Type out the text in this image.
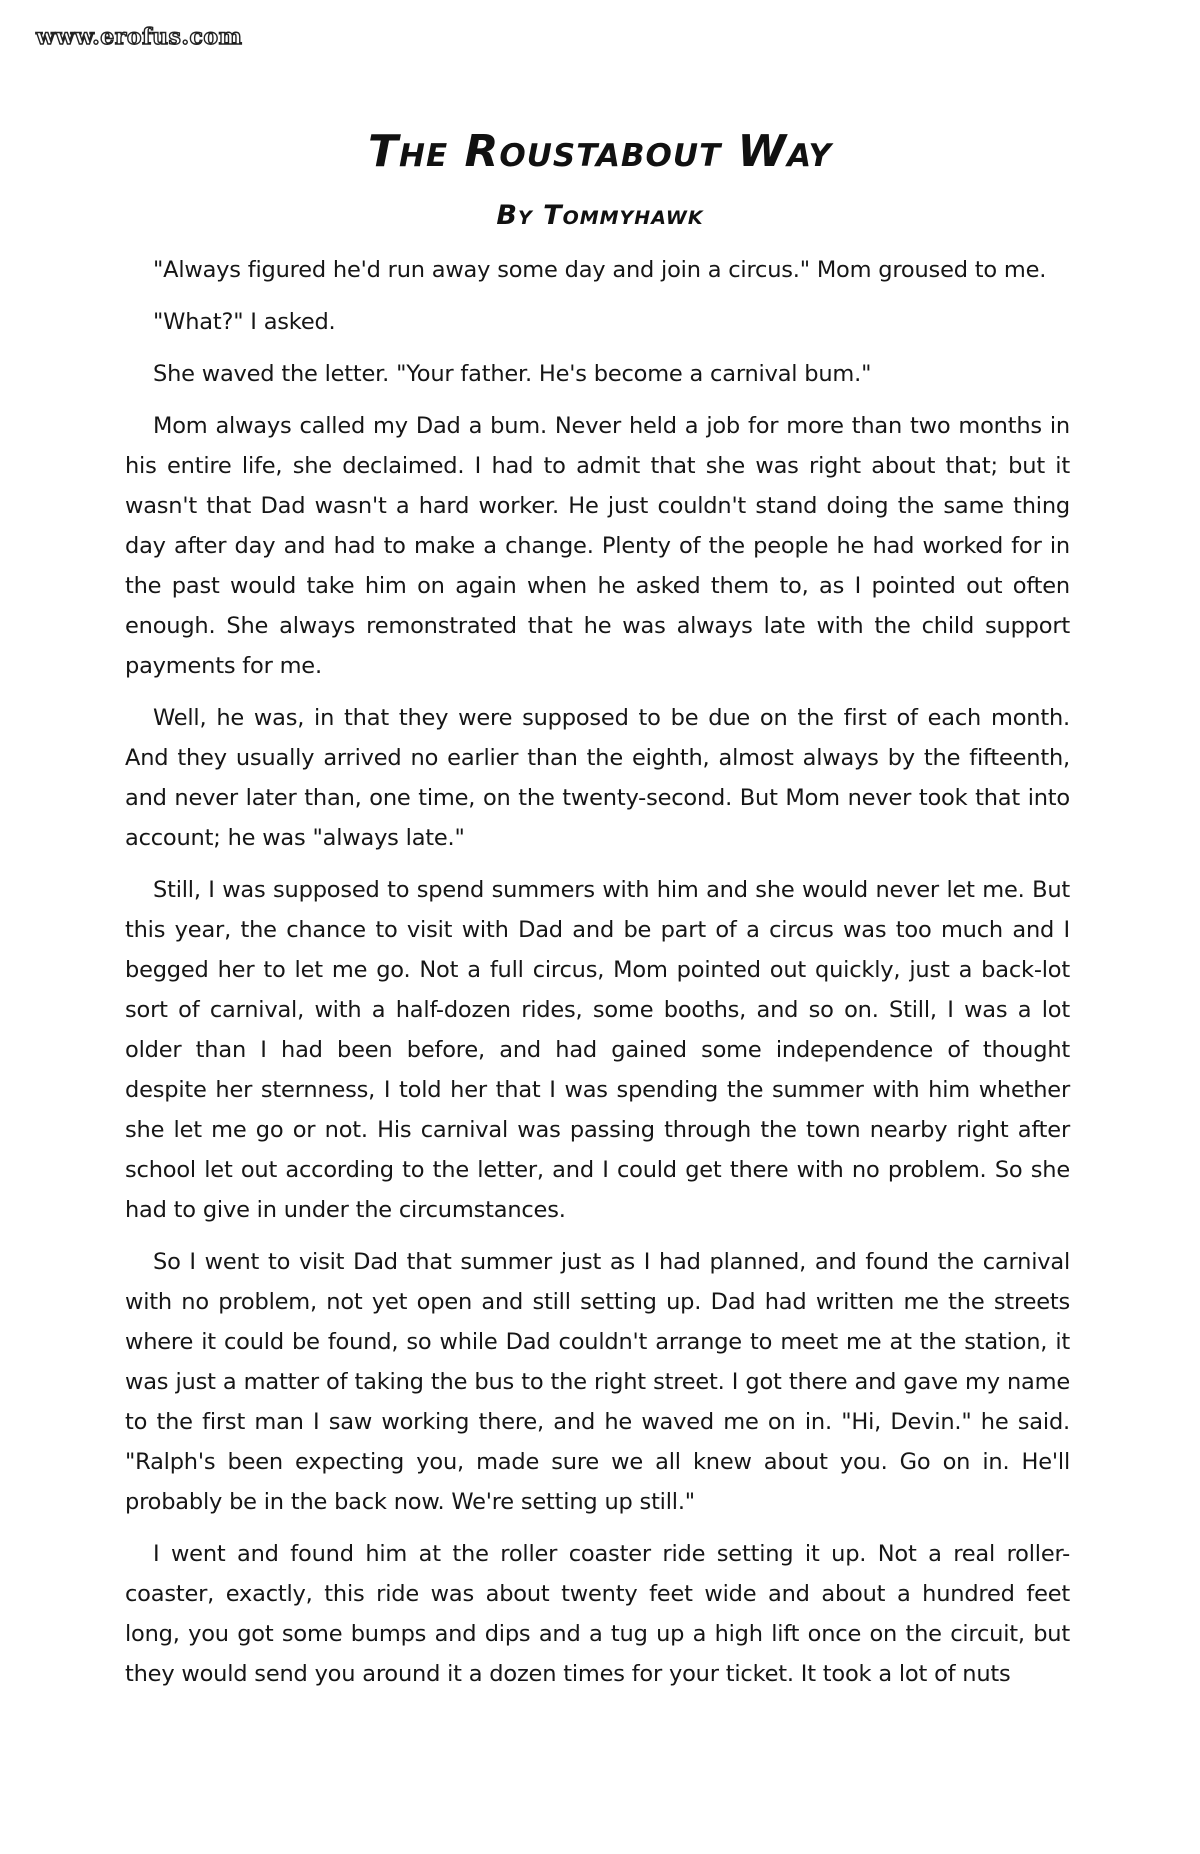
www.erofus.com
The Roustabout Way
By Tommyhawk

"Always figured he'd run away some day and join a circus." Mom groused to me.

"What?" I asked.

She waved the letter. "Your father. He's become a carnival bum."

Mom always called my Dad a bum. Never held a job for more than two months in his entire life, she declaimed. I had to admit that she was right about that; but it wasn't that Dad wasn't a hard worker. He just couldn't stand doing the same thing day after day and had to make a change. Plenty of the people he had worked for in the past would take him on again when he asked them to, as I pointed out often enough. She always remonstrated that he was always late with the child support payments for me.

Well, he was, in that they were supposed to be due on the first of each month. And they usually arrived no earlier than the eighth, almost always by the fifteenth, and never later than, one time, on the twenty-second. But Mom never took that into account; he was "always late."

Still, I was supposed to spend summers with him and she would never let me. But this year, the chance to visit with Dad and be part of a circus was too much and I begged her to let me go. Not a full circus, Mom pointed out quickly, just a back-lot sort of carnival, with a half-dozen rides, some booths, and so on. Still, I was a lot older than I had been before, and had gained some independence of thought despite her sternness, I told her that I was spending the summer with him whether she let me go or not. His carnival was passing through the town nearby right after school let out according to the letter, and I could get there with no problem. So she had to give in under the circumstances.

So I went to visit Dad that summer just as I had planned, and found the carnival with no problem, not yet open and still setting up. Dad had written me the streets where it could be found, so while Dad couldn't arrange to meet me at the station, it was just a matter of taking the bus to the right street. I got there and gave my name to the first man I saw working there, and he waved me on in. "Hi, Devin." he said. "Ralph's been expecting you, made sure we all knew about you. Go on in. He'll probably be in the back now. We're setting up still."

I went and found him at the roller coaster ride setting it up. Not a real roller-coaster, exactly, this ride was about twenty feet wide and about a hundred feet long, you got some bumps and dips and a tug up a high lift once on the circuit, but they would send you around it a dozen times for your ticket. It took a lot of nuts
